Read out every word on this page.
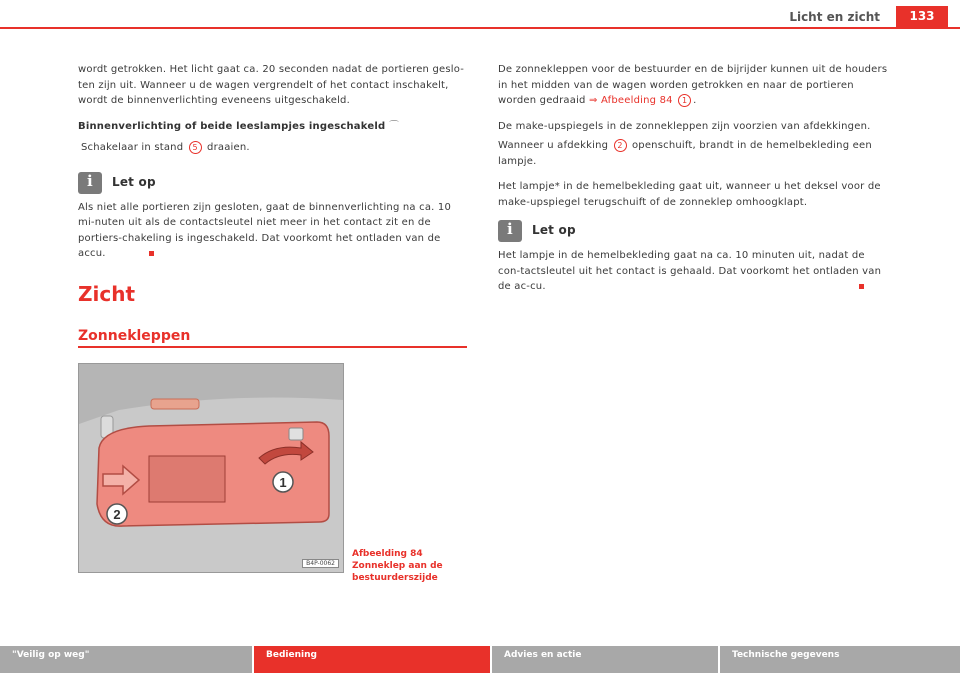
Licht en zicht	133

wordt getrokken. Het licht gaat ca. 20 seconden nadat de portieren geslo-ten zijn uit. Wanneer u de wagen vergrendelt of het contact inschakelt, wordt de binnenverlichting eveneens uitgeschakeld.

Binnenverlichting of beide leeslampjes ingeschakeld ⌒

Schakelaar in stand 5 draaien.

i
Let op
Als niet alle portieren zijn gesloten, gaat de binnenverlichting na ca. 10 mi-nuten uit als de contactsleutel niet meer in het contact zit en de portiers-chakeling is ingeschakeld. Dat voorkomt het ontladen van de accu.
Zicht
Zonnekleppen
1
2
B4P-0062
Afbeelding 84 Zonneklep aan de bestuurderszijde

De zonnekleppen voor de bestuurder en de bijrijder kunnen uit de houders in het midden van de wagen worden getrokken en naar de portieren worden gedraaid ⇒ Afbeelding 84 1 .

De make-upspiegels in de zonnekleppen zijn voorzien van afdekkingen.

Wanneer u afdekking 2 openschuift, brandt in de hemelbekleding een lampje.

Het lampje* in de hemelbekleding gaat uit, wanneer u het deksel voor de make-upspiegel terugschuift of de zonneklep omhoogklapt.

i
Let op
Het lampje in de hemelbekleding gaat na ca. 10 minuten uit, nadat de con-tactsleutel uit het contact is gehaald. Dat voorkomt het ontladen van de ac-cu.
"Veilig op weg"	Bediening	Advies en actie	Technische gegevens
